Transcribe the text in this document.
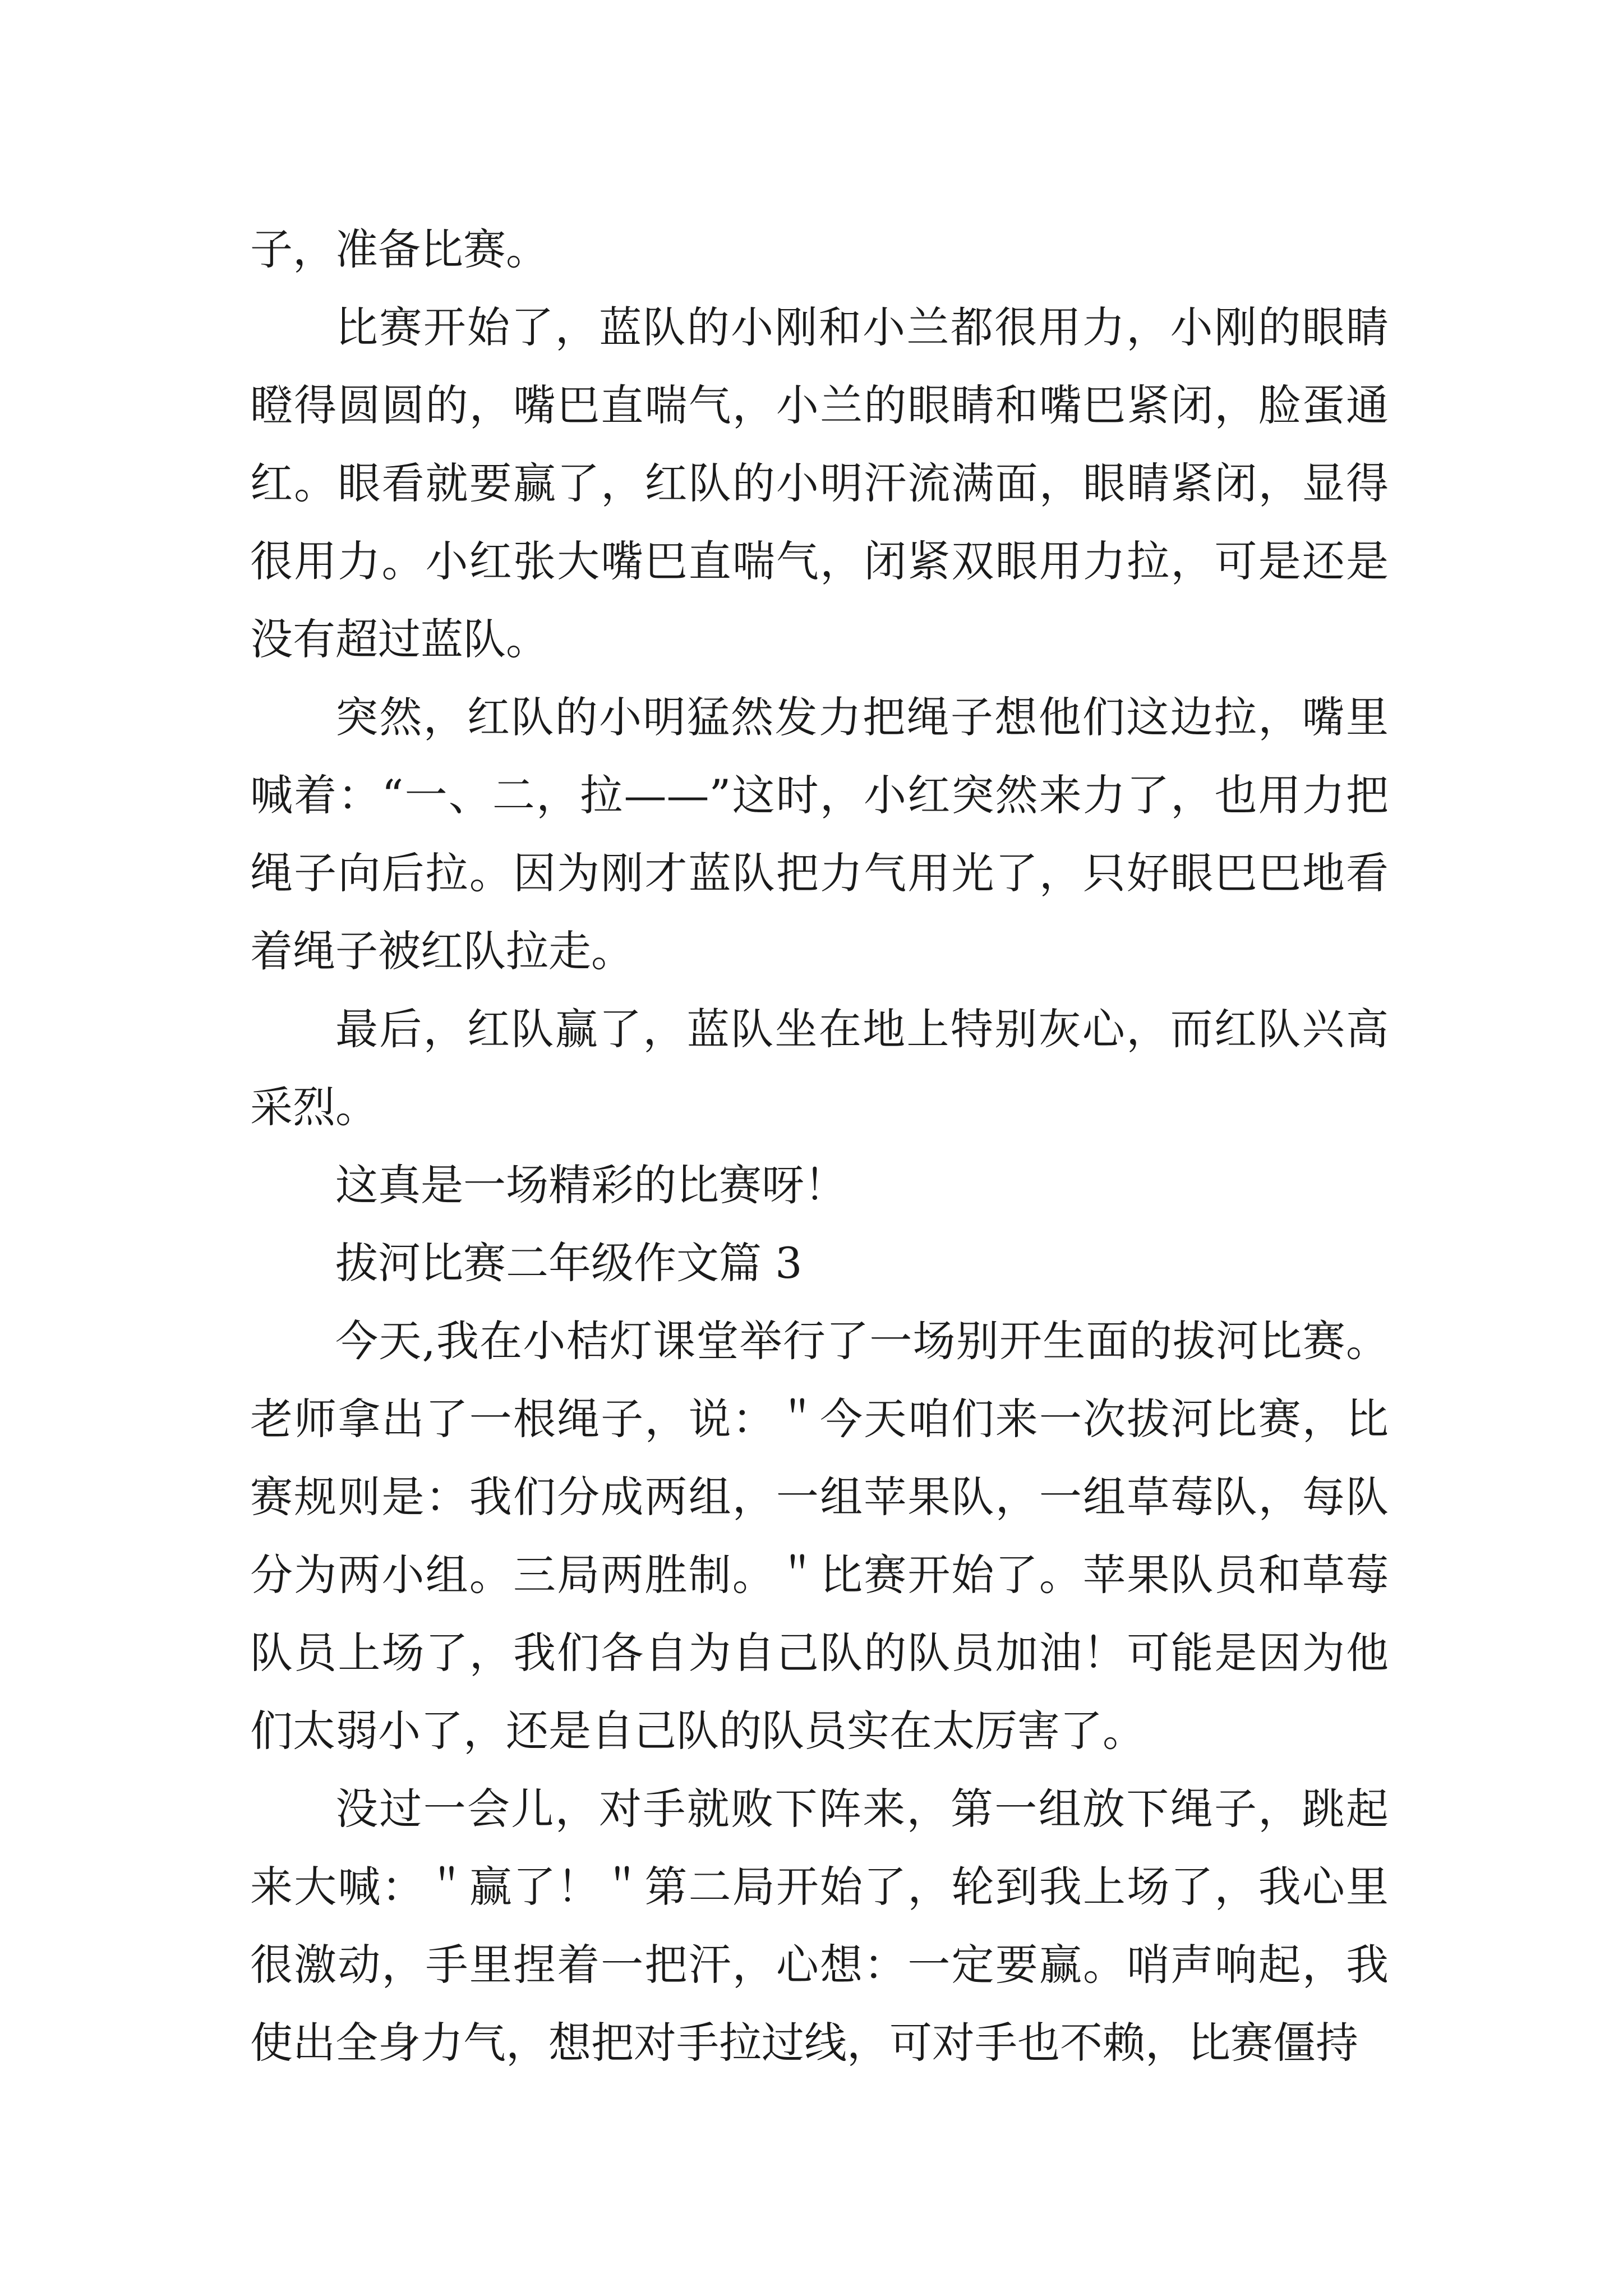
子，准备比赛。

比赛开始了，蓝队的小刚和小兰都很用力，小刚的眼睛瞪得圆圆的，嘴巴直喘气，小兰的眼睛和嘴巴紧闭，脸蛋通红。眼看就要赢了，红队的小明汗流满面，眼睛紧闭，显得很用力。小红张大嘴巴直喘气，闭紧双眼用力拉，可是还是没有超过蓝队。

突然，红队的小明猛然发力把绳子想他们这边拉，嘴里喊着：“一、二，拉——”这时，小红突然来力了，也用力把绳子向后拉。因为刚才蓝队把力气用光了，只好眼巴巴地看着绳子被红队拉走。

最后，红队赢了，蓝队坐在地上特别灰心，而红队兴高采烈。

这真是一场精彩的比赛呀！

拔河比赛二年级作文篇 3

今天,我在小桔灯课堂举行了一场别开生面的拔河比赛。老师拿出了一根绳子，说：＂今天咱们来一次拔河比赛，比赛规则是：我们分成两组，一组苹果队，一组草莓队，每队分为两小组。三局两胜制。＂比赛开始了。苹果队员和草莓队员上场了，我们各自为自己队的队员加油！可能是因为他们太弱小了，还是自己队的队员实在太厉害了。

没过一会儿，对手就败下阵来，第一组放下绳子，跳起来大喊：＂赢了！＂第二局开始了，轮到我上场了，我心里很激动，手里捏着一把汗，心想：一定要赢。哨声响起，我使出全身力气，想把对手拉过线，可对手也不赖，比赛僵持
